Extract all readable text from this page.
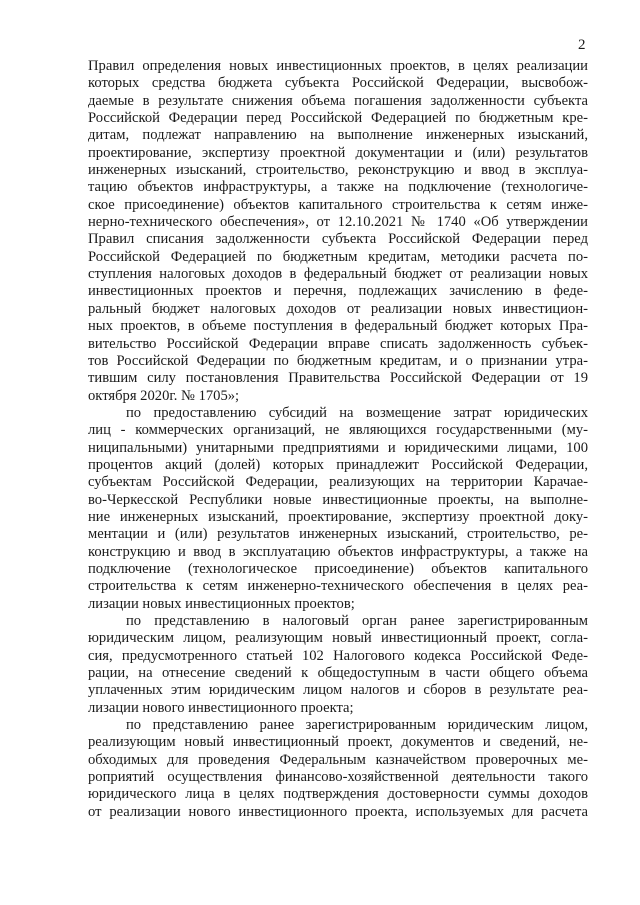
2
Правил определения новых инвестиционных проектов, в целях реализации
которых средства бюджета субъекта Российской Федерации, высвобож-
даемые в результате снижения объема погашения задолженности субъекта
Российской Федерации перед Российской Федерацией по бюджетным кре-
дитам, подлежат направлению на выполнение инженерных изысканий,
проектирование, экспертизу проектной документации и (или) результатов
инженерных изысканий, строительство, реконструкцию и ввод в эксплуа-
тацию объектов инфраструктуры, а также на подключение (технологиче-
ское присоединение) объектов капитального строительства к сетям инже-
нерно-технического обеспечения», от 12.10.2021 № 1740 «Об утверждении
Правил списания задолженности субъекта Российской Федерации перед
Российской Федерацией по бюджетным кредитам, методики расчета по-
ступления налоговых доходов в федеральный бюджет от реализации новых
инвестиционных проектов и перечня, подлежащих зачислению в феде-
ральный бюджет налоговых доходов от реализации новых инвестицион-
ных проектов, в объеме поступления в федеральный бюджет которых Пра-
вительство Российской Федерации вправе списать задолженность субъек-
тов Российской Федерации по бюджетным кредитам, и о признании утра-
тившим силу постановления Правительства Российской Федерации от 19
октября 2020г. № 1705»;
по предоставлению субсидий на возмещение затрат юридических
лиц - коммерческих организаций, не являющихся государственными (му-
ниципальными) унитарными предприятиями и юридическими лицами, 100
процентов акций (долей) которых принадлежит Российской Федерации,
субъектам Российской Федерации, реализующих на территории Карачае-
во-Черкесской Республики новые инвестиционные проекты, на выполне-
ние инженерных изысканий, проектирование, экспертизу проектной доку-
ментации и (или) результатов инженерных изысканий, строительство, ре-
конструкцию и ввод в эксплуатацию объектов инфраструктуры, а также на
подключение (технологическое присоединение) объектов капитального
строительства к сетям инженерно-технического обеспечения в целях реа-
лизации новых инвестиционных проектов;
по представлению в налоговый орган ранее зарегистрированным
юридическим лицом, реализующим новый инвестиционный проект, согла-
сия, предусмотренного статьей 102 Налогового кодекса Российской Феде-
рации, на отнесение сведений к общедоступным в части общего объема
уплаченных этим юридическим лицом налогов и сборов в результате реа-
лизации нового инвестиционного проекта;
по представлению ранее зарегистрированным юридическим лицом,
реализующим новый инвестиционный проект, документов и сведений, не-
обходимых для проведения Федеральным казначейством проверочных ме-
роприятий осуществления финансово-хозяйственной деятельности такого
юридического лица в целях подтверждения достоверности суммы доходов
от реализации нового инвестиционного проекта, используемых для расчета
